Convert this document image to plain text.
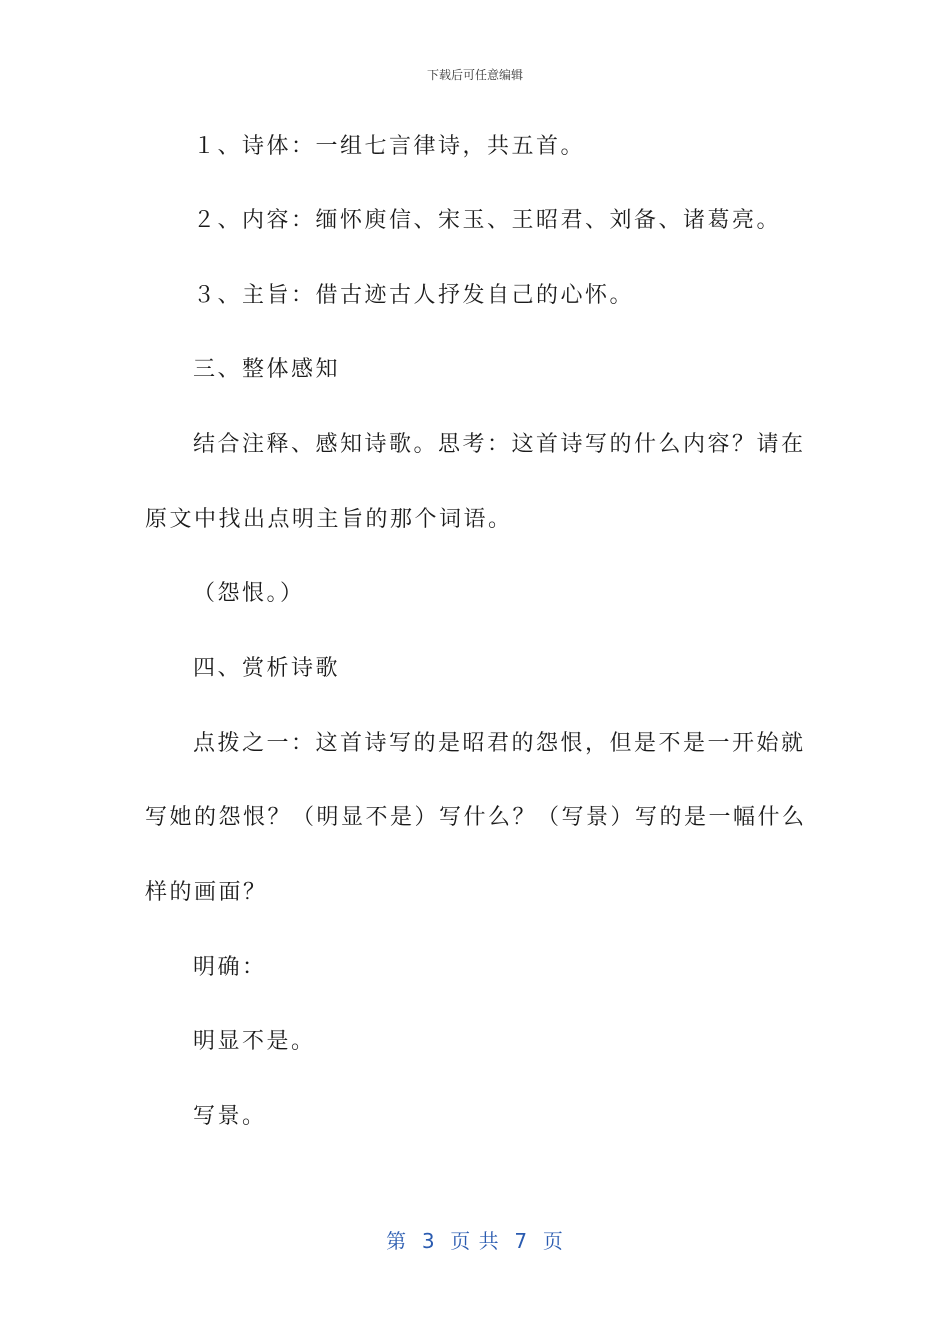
下载后可任意编辑
１、诗体：一组七言律诗，共五首。
２、内容：缅怀庾信、宋玉、王昭君、刘备、诸葛亮。
３、主旨：借古迹古人抒发自己的心怀。
三、整体感知
结合注释、感知诗歌。思考：这首诗写的什么内容？请在
原文中找出点明主旨的那个词语。
（怨恨。）
四、赏析诗歌
点拨之一：这首诗写的是昭君的怨恨，但是不是一开始就
写她的怨恨？（明显不是）写什么？（写景）写的是一幅什么
样的画面？
明确：
明显不是。
写景。
第  3  页 共  7  页
